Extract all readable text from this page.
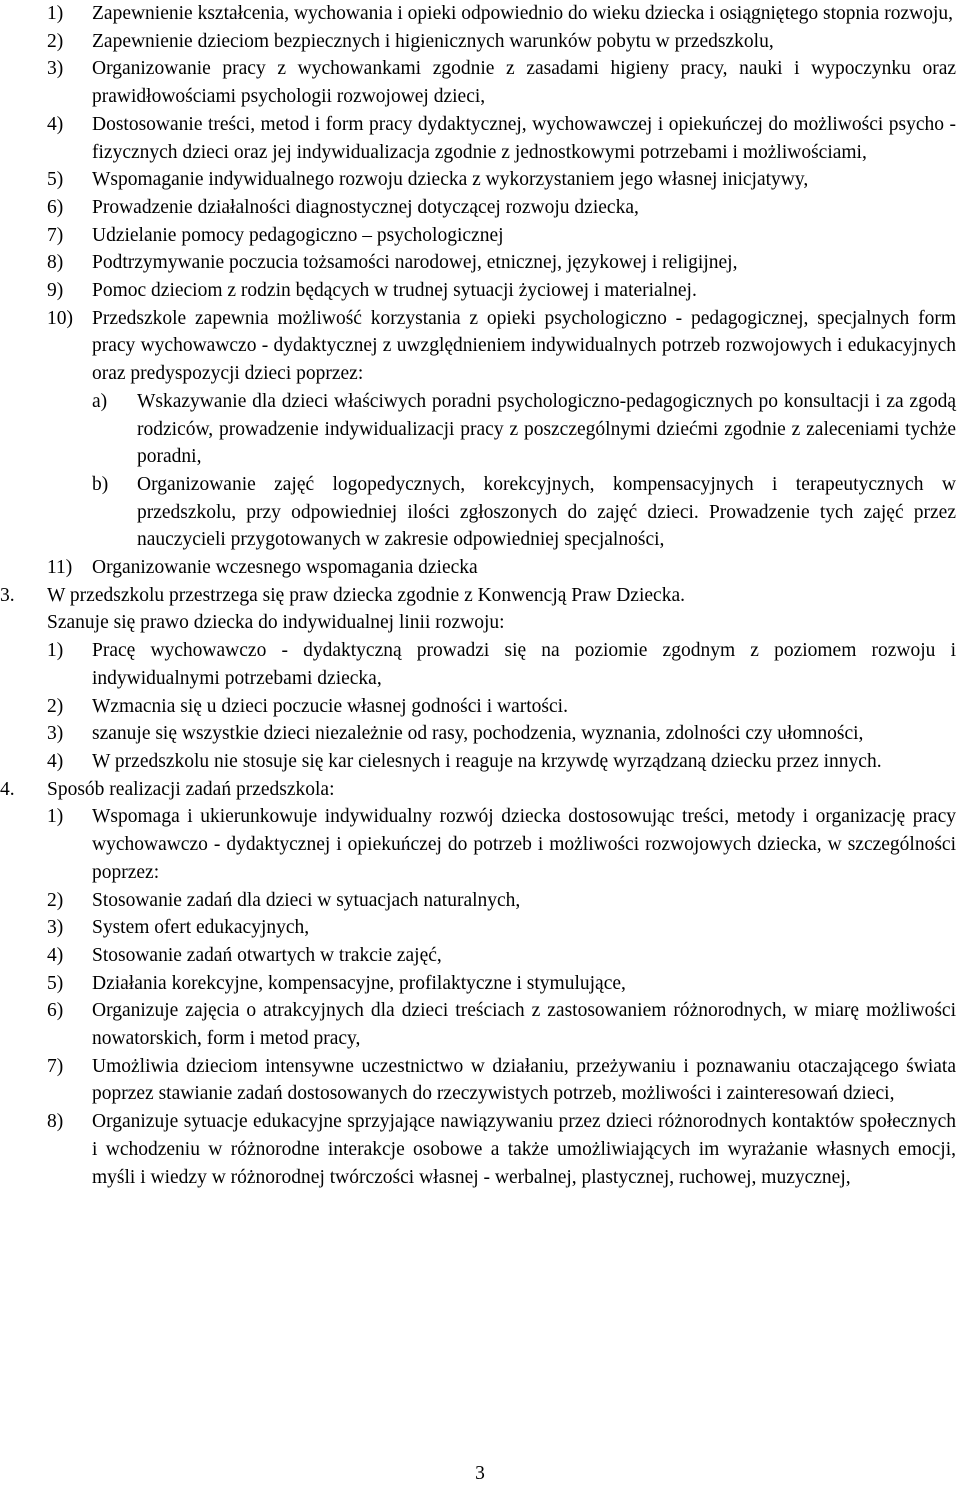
1)	Zapewnienie kształcenia, wychowania i opieki odpowiednio do wieku dziecka i osiągniętego stopnia rozwoju,
2)	Zapewnienie dzieciom bezpiecznych i higienicznych warunków pobytu w przedszkolu,
3)	Organizowanie pracy z wychowankami zgodnie z zasadami higieny pracy, nauki i wypoczynku oraz prawidłowościami psychologii rozwojowej dzieci,
4)	Dostosowanie treści, metod i form pracy dydaktycznej, wychowawczej i opiekuńczej do możliwości psycho - fizycznych dzieci oraz jej indywidualizacja zgodnie z jednostkowymi potrzebami i możliwościami,
5)	Wspomaganie indywidualnego rozwoju dziecka z wykorzystaniem jego własnej inicjatywy,
6)	Prowadzenie działalności diagnostycznej dotyczącej rozwoju dziecka,
7)	Udzielanie pomocy pedagogiczno – psychologicznej
8)	Podtrzymywanie poczucia tożsamości narodowej, etnicznej, językowej i religijnej,
9)	Pomoc dzieciom z rodzin będących w trudnej sytuacji życiowej i materialnej.
10) Przedszkole zapewnia możliwość korzystania z opieki psychologiczno - pedagogicznej, specjalnych form pracy wychowawczo - dydaktycznej z uwzględnieniem indywidualnych potrzeb rozwojowych i edukacyjnych oraz predyspozycji dzieci poprzez:
a)	Wskazywanie dla dzieci właściwych poradni psychologiczno-pedagogicznych po konsultacji i za zgodą rodziców, prowadzenie indywidualizacji pracy z poszczególnymi dziećmi zgodnie z zaleceniami tychże poradni,
b)	Organizowanie zajęć logopedycznych, korekcyjnych, kompensacyjnych i terapeutycznych w przedszkolu, przy odpowiedniej ilości zgłoszonych do zajęć dzieci. Prowadzenie tych zajęć przez nauczycieli przygotowanych w zakresie odpowiedniej specjalności,
11)	Organizowanie wczesnego wspomagania dziecka
3.	W przedszkolu przestrzega się praw dziecka zgodnie z Konwencją Praw Dziecka.
Szanuje się prawo dziecka do indywidualnej linii rozwoju:
1)	Pracę wychowawczo - dydaktyczną prowadzi się na poziomie zgodnym z poziomem rozwoju i indywidualnymi potrzebami dziecka,
2)	Wzmacnia się u dzieci poczucie własnej godności i wartości.
3)	szanuje się wszystkie dzieci niezależnie od rasy, pochodzenia, wyznania, zdolności czy ułomności,
4)	W przedszkolu nie stosuje się kar cielesnych i reaguje na krzywdę wyrządzaną dziecku przez innych.
4.	Sposób realizacji zadań przedszkola:
1)	Wspomaga i ukierunkowuje indywidualny rozwój dziecka dostosowując treści, metody i organizację pracy wychowawczo - dydaktycznej i opiekuńczej do potrzeb i możliwości rozwojowych dziecka, w szczególności poprzez:
2)	Stosowanie zadań dla dzieci w sytuacjach naturalnych,
3)	System ofert edukacyjnych,
4)	Stosowanie zadań otwartych w trakcie zajęć,
5)	Działania korekcyjne, kompensacyjne, profilaktyczne i stymulujące,
6)	Organizuje zajęcia o atrakcyjnych dla dzieci treściach z zastosowaniem różnorodnych, w miarę możliwości nowatorskich, form i metod pracy,
7)	Umożliwia dzieciom intensywne uczestnictwo w działaniu, przeżywaniu i poznawaniu otaczającego świata poprzez stawianie zadań dostosowanych do rzeczywistych potrzeb, możliwości i zainteresowań dzieci,
8)	Organizuje sytuacje edukacyjne sprzyjające nawiązywaniu przez dzieci różnorodnych kontaktów społecznych i wchodzeniu w różnorodne interakcje osobowe a także umożliwiających im wyrażanie własnych emocji, myśli i wiedzy w różnorodnej twórczości własnej - werbalnej, plastycznej, ruchowej, muzycznej,
3
